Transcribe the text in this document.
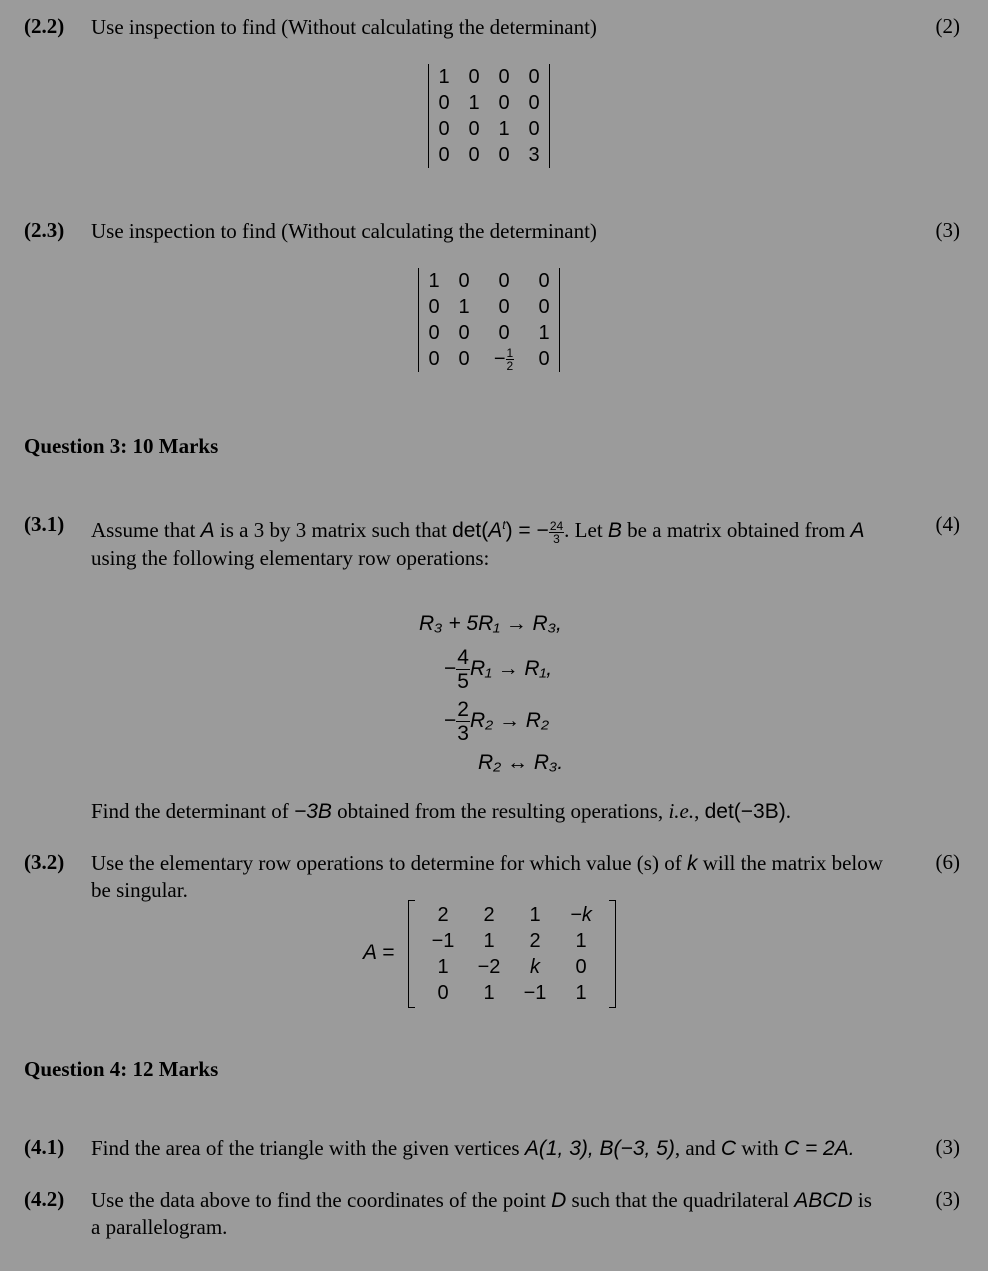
(2.2) Use inspection to find (Without calculating the determinant)	(2)
1	0	0	0
0	1	0	0
0	0	1	0
0	0	0	3
(2.3) Use inspection to find (Without calculating the determinant)	(3)
1	0	0	0
0	1	0	0
0	0	0	1
0	0	− $\frac{1}{2}$	0
Question 3: 10 Marks
(3.1) Assume that A is a 3 by 3 matrix such that $\det(A^t)$ = − $\frac{24}{3}$ . Let B be a matrix obtained from A
using the following elementary row operations:
(4)
R₃ + 5R₁ → R₃,
− $\frac{4}{5} R_1 \to R_1$,
− $\frac{2}{3} R_2 \to R_2$
R₂ ↔ R₃.
Find the determinant of −3B obtained from the resulting operations, i.e., det(−3B).
(3.2) Use the elementary row operations to determine for which value (s) of k will the matrix below
be singular.
(6)
A =
2	2	1	−k
−1	1	2	1
1	−2	k	0
0	1	−1	1
Question 4: 12 Marks
(4.1) Find the area of the triangle with the given vertices A(1, 3), B(−3, 5), and C with C = 2A.	(3)
(4.2) Use the data above to find the coordinates of the point D such that the quadrilateral ABCD is
a parallelogram.
(3)
